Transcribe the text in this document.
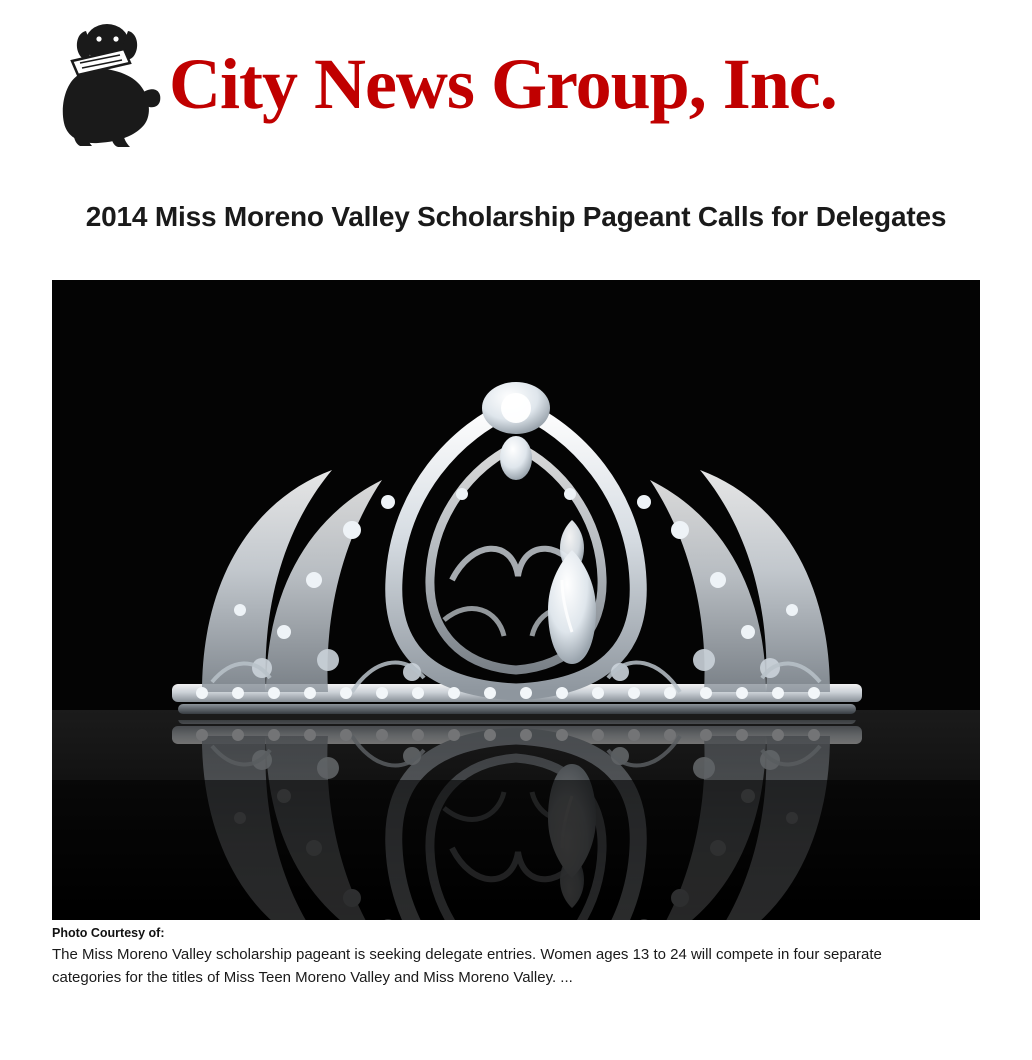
City News Group, Inc.
2014 Miss Moreno Valley Scholarship Pageant Calls for Delegates
Photo Courtesy of:
The Miss Moreno Valley scholarship pageant is seeking delegate entries. Women ages 13 to 24 will compete in four separate categories for the titles of Miss Teen Moreno Valley and Miss Moreno Valley. ...
